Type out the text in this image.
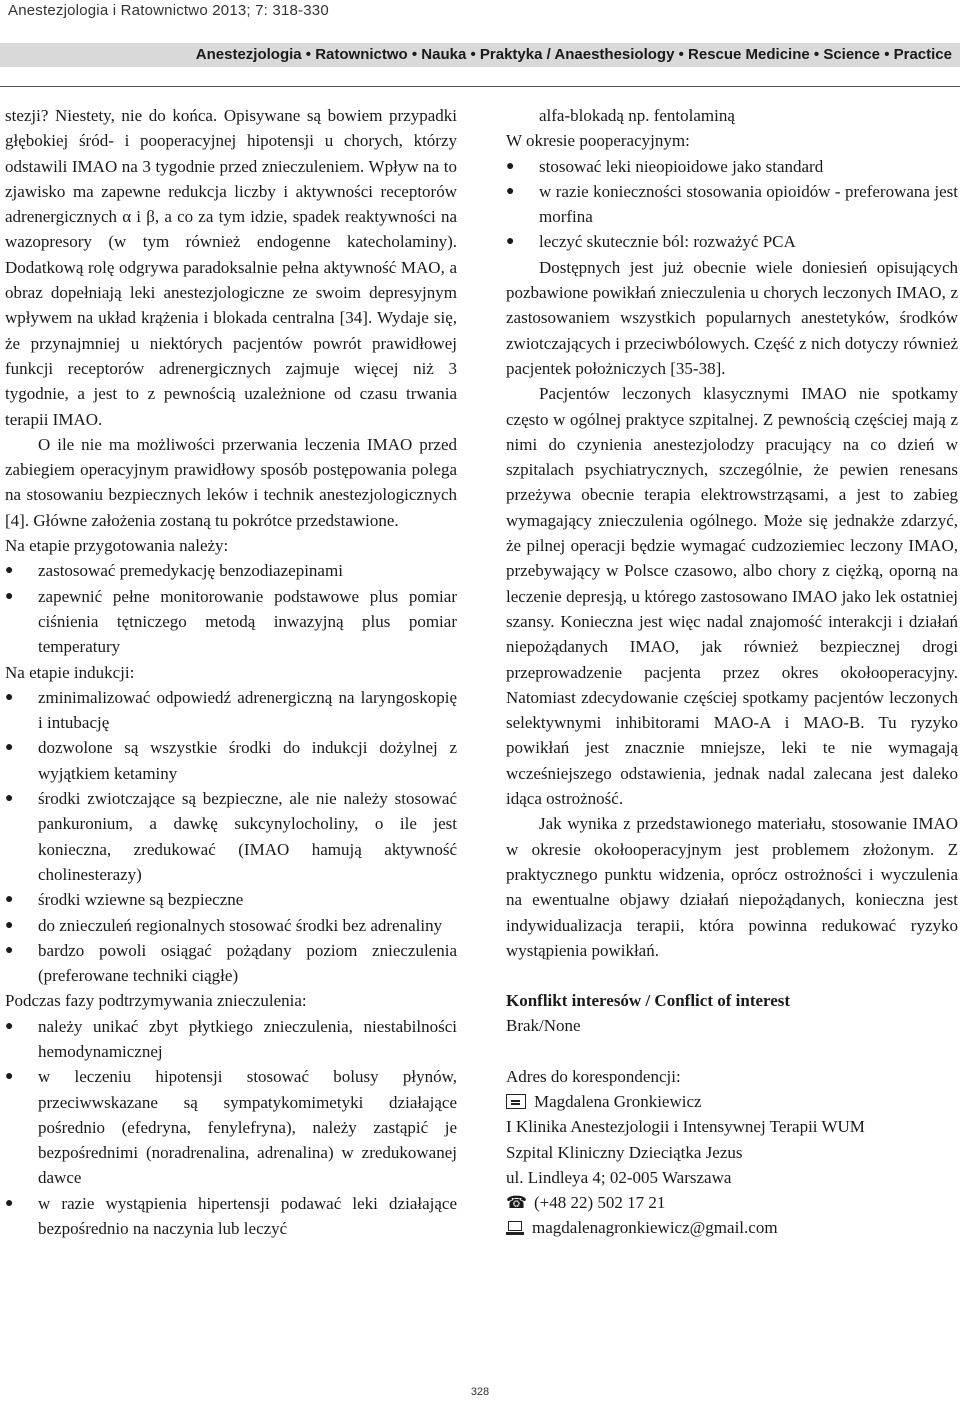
Anestezjologia i Ratownictwo 2013; 7: 318-330
Anestezjologia • Ratownictwo • Nauka • Praktyka / Anaesthesiology • Rescue Medicine • Science • Practice

stezji? Niestety, nie do końca. Opisywane są bowiem przypadki głębokiej śród- i pooperacyjnej hipotensji u chorych, którzy odstawili IMAO na 3 tygodnie przed znieczuleniem. Wpływ na to zjawisko ma zapewne redukcja liczby i aktywności receptorów adrenergicznych α i β, a co za tym idzie, spadek reaktywności na wazopresory (w tym również endogenne katecholaminy). Dodatkową rolę odgrywa paradoksalnie pełna aktywność MAO, a obraz dopełniają leki anestezjologiczne ze swoim depresyjnym wpływem na układ krążenia i blokada centralna [34]. Wydaje się, że przynajmniej u niektórych pacjentów powrót prawidłowej funkcji receptorów adrenergicznych zajmuje więcej niż 3 tygodnie, a jest to z pewnością uzależnione od czasu trwania terapii IMAO.

O ile nie ma możliwości przerwania leczenia IMAO przed zabiegiem operacyjnym prawidłowy sposób postępowania polega na stosowaniu bezpiecznych leków i technik anestezjologicznych [4]. Główne założenia zostaną tu pokrótce przedstawione.

Na etapie przygotowania należy:

●	zastosować premedykację benzodiazepinami
●	zapewnić pełne monitorowanie podstawowe plus pomiar ciśnienia tętniczego metodą inwazyjną plus pomiar temperatury

Na etapie indukcji:

●	zminimalizować odpowiedź adrenergiczną na laryngoskopię i intubację
●	dozwolone są wszystkie środki do indukcji dożylnej z wyjątkiem ketaminy
●	środki zwiotczające są bezpieczne, ale nie należy stosować pankuronium, a dawkę sukcynylocholiny, o ile jest konieczna, zredukować (IMAO hamują aktywność cholinesterazy)
●	środki wziewne są bezpieczne
●	do znieczuleń regionalnych stosować środki bez adrenaliny
●	bardzo powoli osiągać pożądany poziom znieczulenia (preferowane techniki ciągłe)

Podczas fazy podtrzymywania znieczulenia:

●	należy unikać zbyt płytkiego znieczulenia, niestabilności hemodynamicznej
●	w leczeniu hipotensji stosować bolusy płynów, przeciwwskazane są sympatykomimetyki działające pośrednio (efedryna, fenylefryna), należy zastąpić je bezpośrednimi (noradrenalina, adrenalina) w zredukowanej dawce
●	w razie wystąpienia hipertensji podawać leki działające bezpośrednio na naczynia lub leczyć

alfa-blokadą np. fentolaminą

W okresie pooperacyjnym:

●	stosować leki nieopioidowe jako standard
●	w razie konieczności stosowania opioidów - preferowana jest morfina
●	leczyć skutecznie ból: rozważyć PCA

Dostępnych jest już obecnie wiele doniesień opisujących pozbawione powikłań znieczulenia u chorych leczonych IMAO, z zastosowaniem wszystkich popularnych anestetyków, środków zwiotczających i przeciwbólowych. Część z nich dotyczy również pacjentek położniczych [35-38].

Pacjentów leczonych klasycznymi IMAO nie spotkamy często w ogólnej praktyce szpitalnej. Z pewnością częściej mają z nimi do czynienia anestezjolodzy pracujący na co dzień w szpitalach psychiatrycznych, szczególnie, że pewien renesans przeżywa obecnie terapia elektrowstrząsami, a jest to zabieg wymagający znieczulenia ogólnego. Może się jednakże zdarzyć, że pilnej operacji będzie wymagać cudzoziemiec leczony IMAO, przebywający w Polsce czasowo, albo chory z ciężką, oporną na leczenie depresją, u którego zastosowano IMAO jako lek ostatniej szansy. Konieczna jest więc nadal znajomość interakcji i działań niepożądanych IMAO, jak również bezpiecznej drogi przeprowadzenie pacjenta przez okres okołooperacyjny. Natomiast zdecydowanie częściej spotkamy pacjentów leczonych selektywnymi inhibitorami MAO-A i MAO-B. Tu ryzyko powikłań jest znacznie mniejsze, leki te nie wymagają wcześniejszego odstawienia, jednak nadal zalecana jest daleko idąca ostrożność.

Jak wynika z przedstawionego materiału, stosowanie IMAO w okresie okołooperacyjnym jest problemem złożonym. Z praktycznego punktu widzenia, oprócz ostrożności i wyczulenia na ewentualne objawy działań niepożądanych, konieczna jest indywidualizacja terapii, która powinna redukować ryzyko wystąpienia powikłań.

Konflikt interesów / Conflict of interest

Brak/None

Adres do korespondencji:

Magdalena Gronkiewicz

I Klinika Anestezjologii i Intensywnej Terapii WUM

Szpital Kliniczny Dzieciątka Jezus

ul. Lindleya 4; 02-005 Warszawa

☎ (+48 22) 502 17 21
magdalenagronkiewicz@gmail.com
328
